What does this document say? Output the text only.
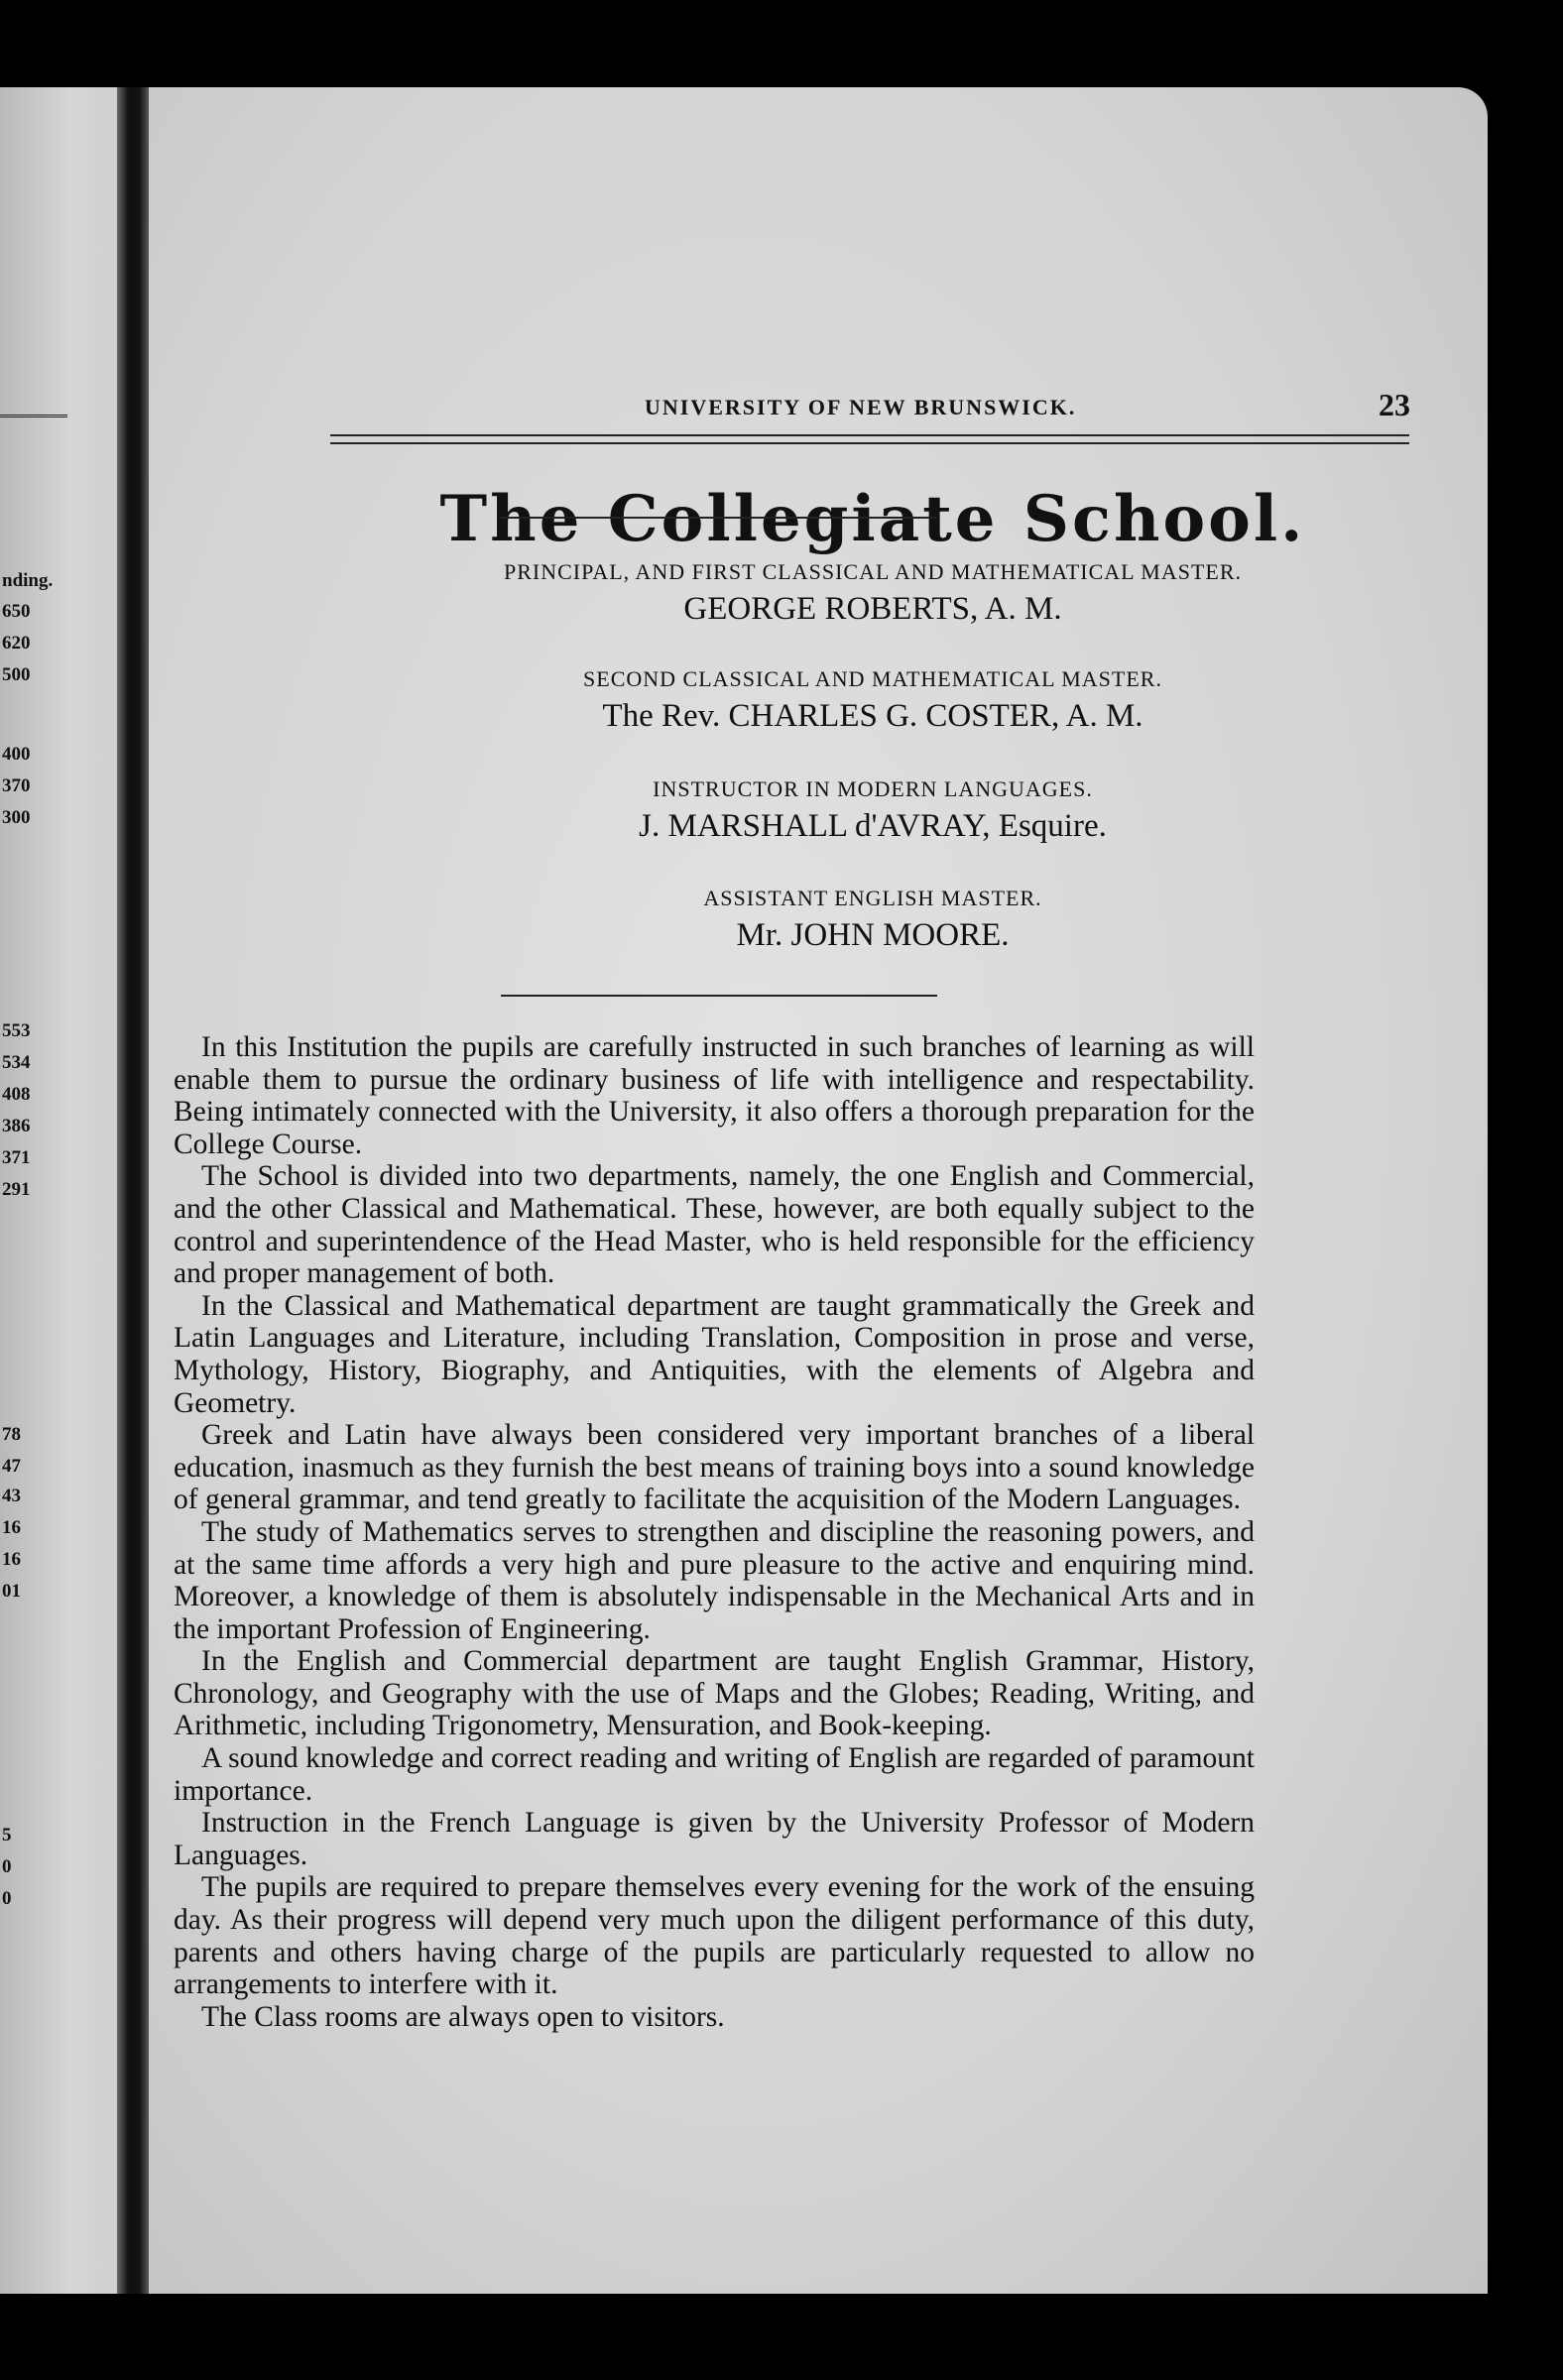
nding.
650
620
500
400
370
300
553
534
408
386
371
291
78
47
43
16
16
01
5
0
0
UNIVERSITY OF NEW BRUNSWICK.	23
The Collegiate School.
PRINCIPAL, AND FIRST CLASSICAL AND MATHEMATICAL MASTER.
GEORGE ROBERTS, A. M.
SECOND CLASSICAL AND MATHEMATICAL MASTER.
The Rev. CHARLES G. COSTER, A. M.
INSTRUCTOR IN MODERN LANGUAGES.
J. MARSHALL d'AVRAY, Esquire.
ASSISTANT ENGLISH MASTER.
Mr. JOHN MOORE.

In this Institution the pupils are carefully instructed in such branches of learning as will enable them to pursue the ordinary business of life with intelligence and respectability. Being intimately connected with the University, it also offers a thorough preparation for the College Course.

The School is divided into two departments, namely, the one English and Commercial, and the other Classical and Mathematical. These, however, are both equally subject to the control and superintendence of the Head Master, who is held responsible for the efficiency and proper management of both.

In the Classical and Mathematical department are taught grammatically the Greek and Latin Languages and Literature, including Translation, Composition in prose and verse, Mythology, History, Biography, and Antiquities, with the elements of Algebra and Geometry.

Greek and Latin have always been considered very important branches of a liberal education, inasmuch as they furnish the best means of training boys into a sound knowledge of general grammar, and tend greatly to facilitate the acquisition of the Modern Languages.

The study of Mathematics serves to strengthen and discipline the reasoning powers, and at the same time affords a very high and pure pleasure to the active and enquiring mind. Moreover, a knowledge of them is absolutely indispensable in the Mechanical Arts and in the important Profession of Engineering.

In the English and Commercial department are taught English Grammar, History, Chronology, and Geography with the use of Maps and the Globes; Reading, Writing, and Arithmetic, including Trigonometry, Mensuration, and Book-keeping.

A sound knowledge and correct reading and writing of English are regarded of paramount importance.

Instruction in the French Language is given by the University Professor of Modern Languages.

The pupils are required to prepare themselves every evening for the work of the ensuing day. As their progress will depend very much upon the diligent performance of this duty, parents and others having charge of the pupils are particularly requested to allow no arrangements to interfere with it.

The Class rooms are always open to visitors.
